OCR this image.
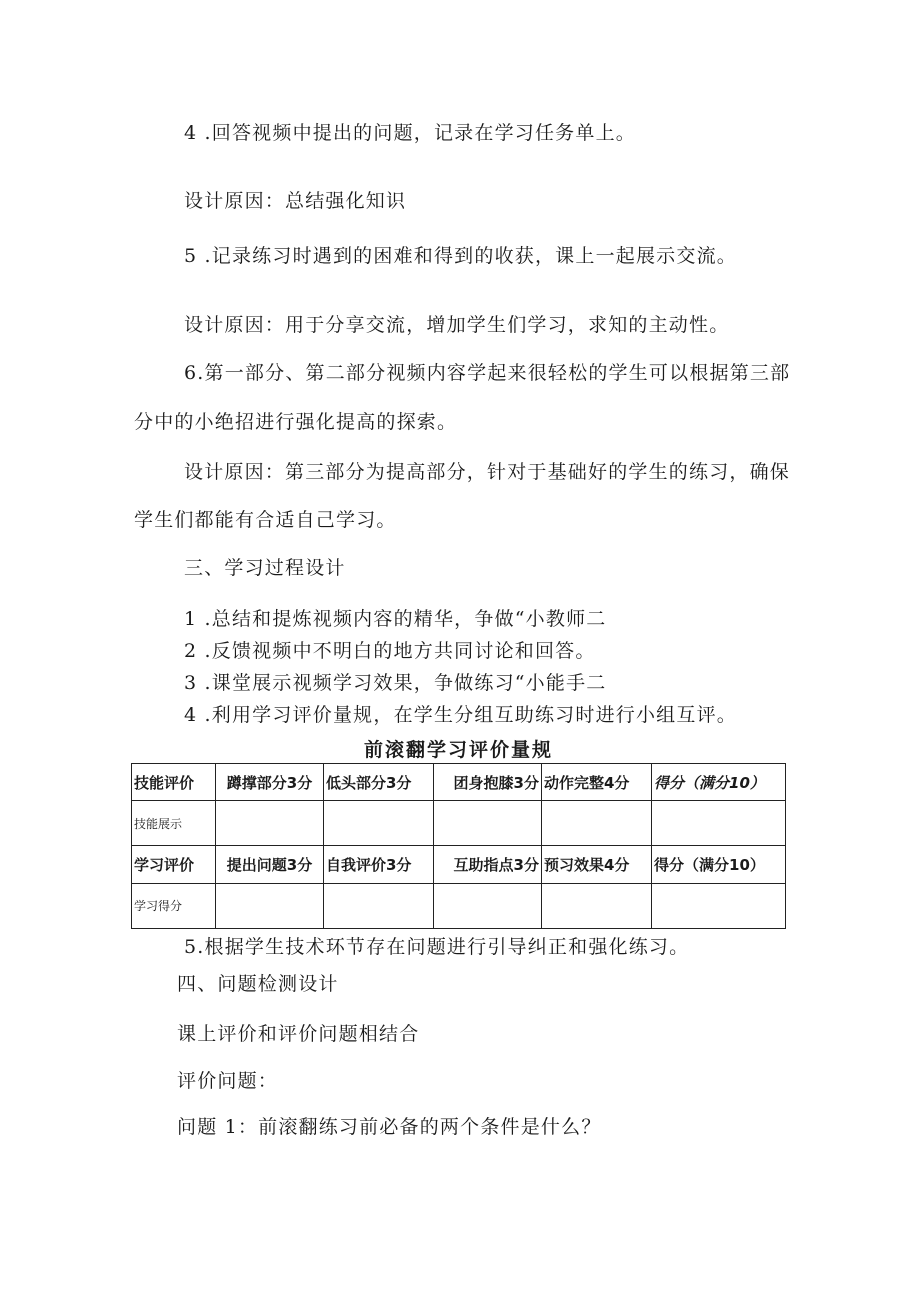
4 .回答视频中提出的问题，记录在学习任务单上。
设计原因：总结强化知识
5 .记录练习时遇到的困难和得到的收获，课上一起展示交流。
设计原因：用于分享交流，增加学生们学习，求知的主动性。
6.第一部分、第二部分视频内容学起来很轻松的学生可以根据第三部
分中的小绝招进行强化提高的探索。
设计原因：第三部分为提高部分，针对于基础好的学生的练习，确保
学生们都能有合适自己学习。
三、学习过程设计
1 .总结和提炼视频内容的精华，争做“小教师二
2 .反馈视频中不明白的地方共同讨论和回答。
3 .课堂展示视频学习效果，争做练习“小能手二
4 .利用学习评价量规，在学生分组互助练习时进行小组互评。
前滚翻学习评价量规
技能评价	蹲撑部分3分	低头部分3分	团身抱膝3分	动作完整4分	得分（满分10）
技能展示					
学习评价	提出问题3分	自我评价3分	互助指点3分	预习效果4分	得分（满分10）
学习得分					
5.根据学生技术环节存在问题进行引导纠正和强化练习。
四、问题检测设计
课上评价和评价问题相结合
评价问题：
问题 1：前滚翻练习前必备的两个条件是什么？
